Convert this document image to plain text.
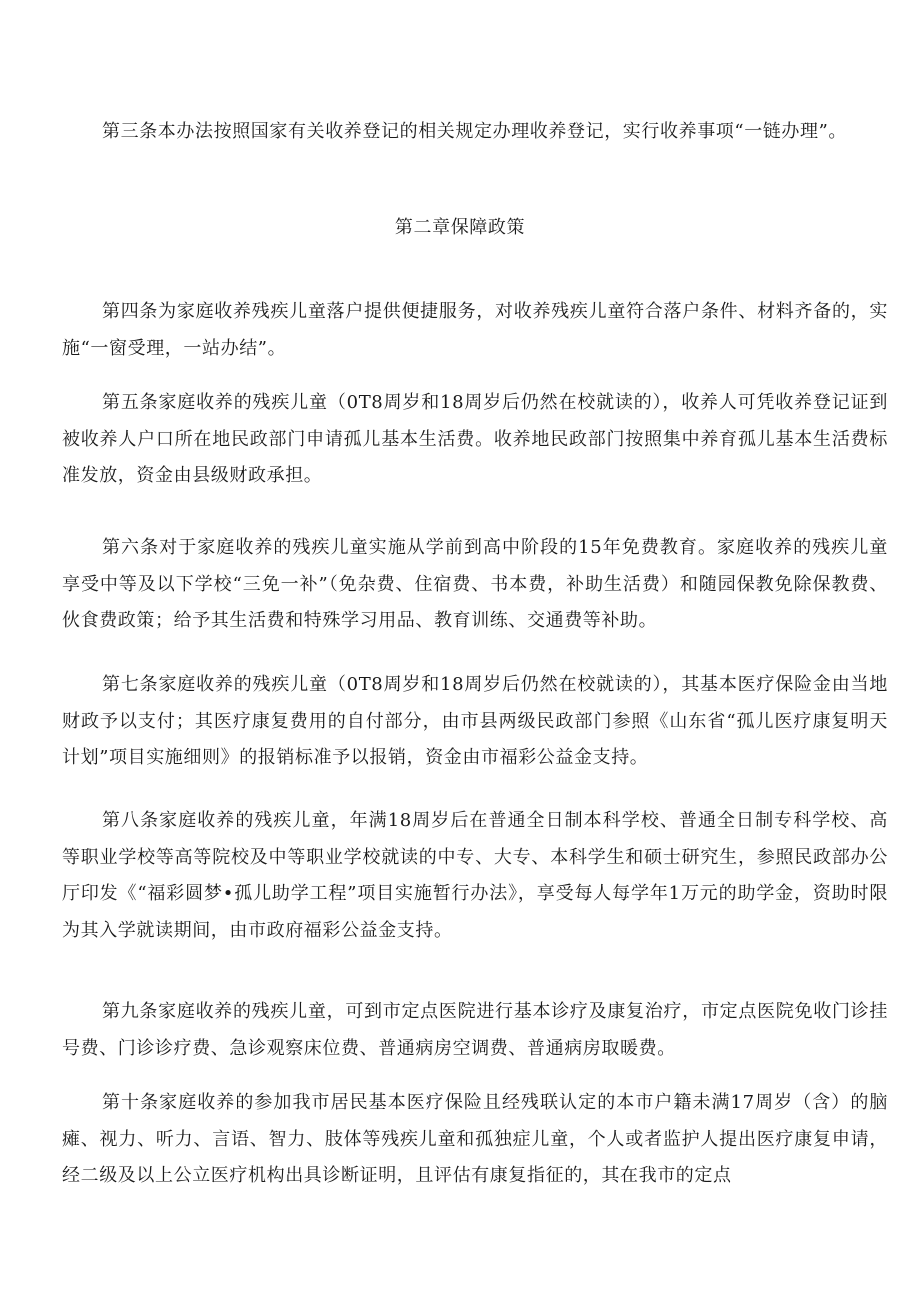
第三条本办法按照国家有关收养登记的相关规定办理收养登记，实行收养事项“一链办理”。

第二章保障政策

第四条为家庭收养残疾儿童落户提供便捷服务，对收养残疾儿童符合落户条件、材料齐备的，实施“一窗受理，一站办结”。

第五条家庭收养的残疾儿童（0T8周岁和18周岁后仍然在校就读的），收养人可凭收养登记证到被收养人户口所在地民政部门申请孤儿基本生活费。收养地民政部门按照集中养育孤儿基本生活费标准发放，资金由县级财政承担。

第六条对于家庭收养的残疾儿童实施从学前到高中阶段的15年免费教育。家庭收养的残疾儿童享受中等及以下学校“三免一补”（免杂费、住宿费、书本费，补助生活费）和随园保教免除保教费、伙食费政策；给予其生活费和特殊学习用品、教育训练、交通费等补助。

第七条家庭收养的残疾儿童（0T8周岁和18周岁后仍然在校就读的），其基本医疗保险金由当地财政予以支付；其医疗康复费用的自付部分，由市县两级民政部门参照《山东省“孤儿医疗康复明天计划”项目实施细则》的报销标准予以报销，资金由市福彩公益金支持。

第八条家庭收养的残疾儿童，年满18周岁后在普通全日制本科学校、普通全日制专科学校、高等职业学校等高等院校及中等职业学校就读的中专、大专、本科学生和硕士研究生，参照民政部办公厅印发《“福彩圆梦•孤儿助学工程”项目实施暂行办法》，享受每人每学年1万元的助学金，资助时限为其入学就读期间，由市政府福彩公益金支持。

第九条家庭收养的残疾儿童，可到市定点医院进行基本诊疗及康复治疗，市定点医院免收门诊挂号费、门诊诊疗费、急诊观察床位费、普通病房空调费、普通病房取暖费。

第十条家庭收养的参加我市居民基本医疗保险且经残联认定的本市户籍未满17周岁（含）的脑瘫、视力、听力、言语、智力、肢体等残疾儿童和孤独症儿童，个人或者监护人提出医疗康复申请，经二级及以上公立医疗机构出具诊断证明，且评估有康复指征的，其在我市的定点
